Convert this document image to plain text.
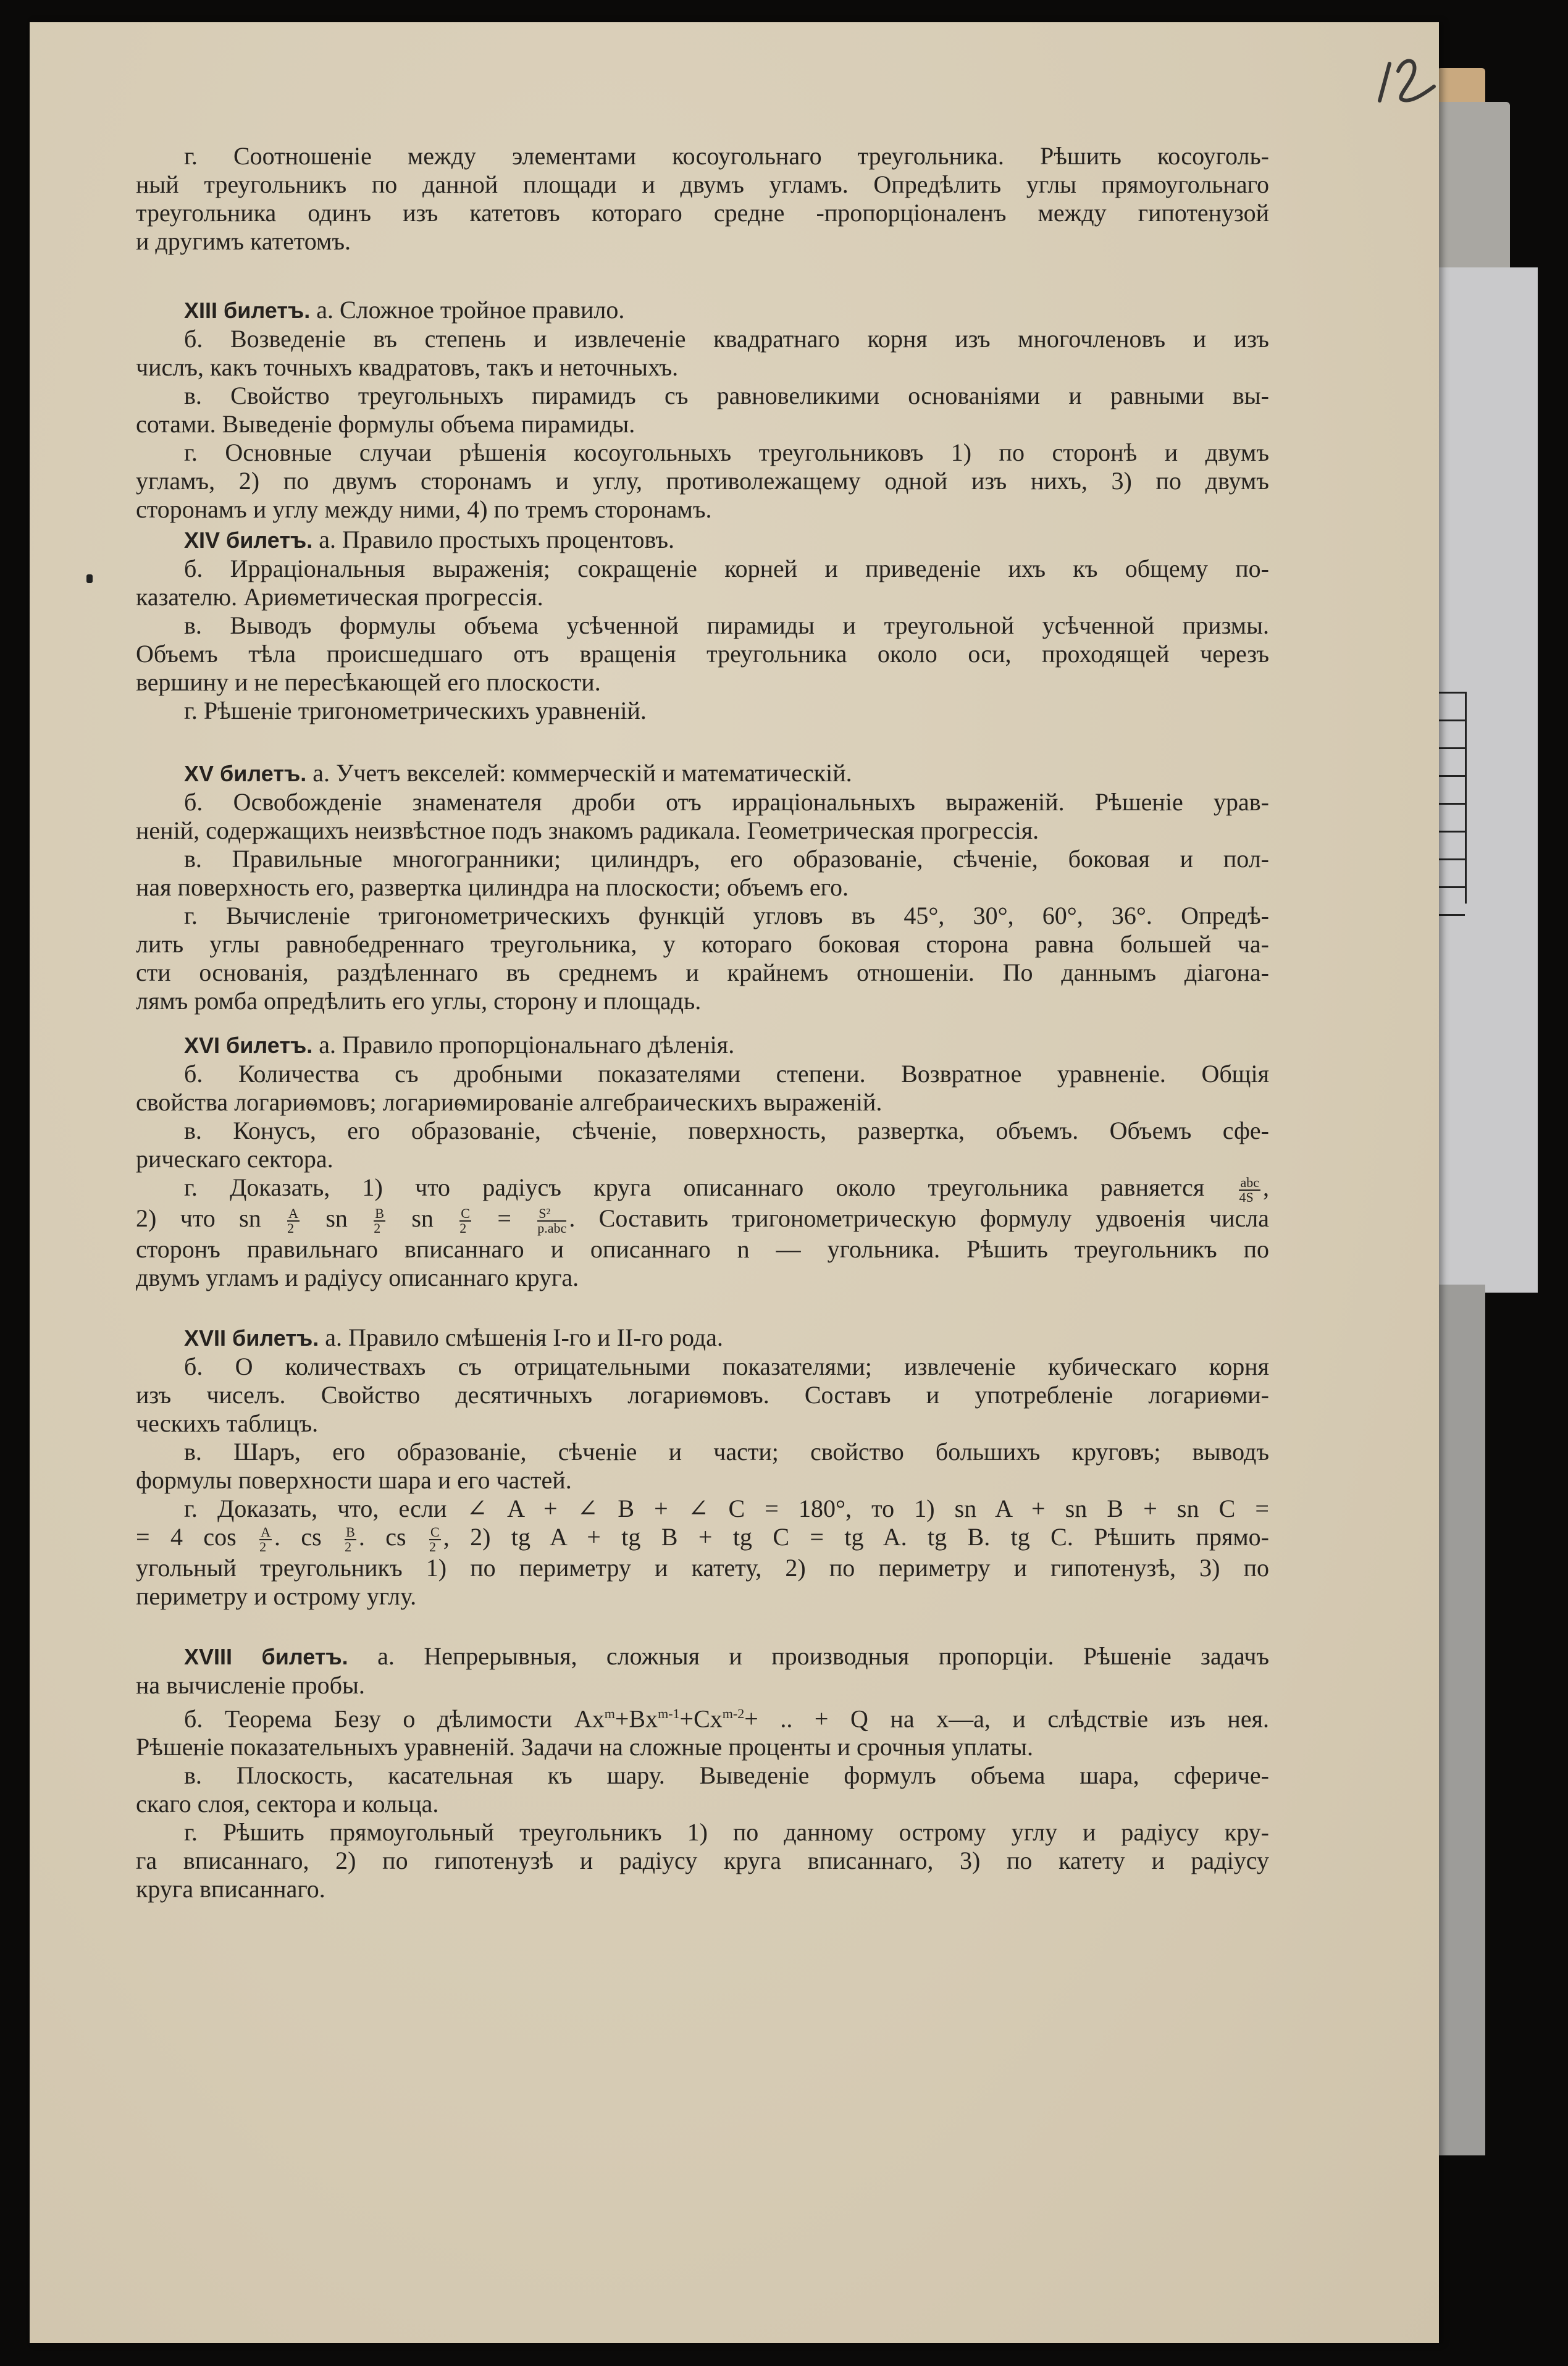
г. Соотношенiе между элементами косоугольнаго треугольника. Рѣшить косоуголь-
ный треугольникъ по данной площади и двумъ угламъ. Опредѣлить углы прямоугольнаго
треугольника одинъ изъ катетовъ котораго средне -пропорцiоналенъ между гипотенузой
и другимъ катетомъ.
XIII билетъ. а. Сложное тройное правило.
б. Возведенiе въ степень и извлеченiе квадратнаго корня изъ многочленовъ и изъ
числъ, какъ точныхъ квадратовъ, такъ и неточныхъ.
в. Свойство треугольныхъ пирамидъ съ равновеликими основанiями и равными вы-
сотами. Выведенiе формулы объема пирамиды.
г. Основные случаи рѣшенiя косоугольныхъ треугольниковъ 1) по сторонѣ и двумъ
угламъ, 2) по двумъ сторонамъ и углу, противолежащему одной изъ нихъ, 3) по двумъ
сторонамъ и углу между ними, 4) по тремъ сторонамъ.
XIV билетъ. а. Правило простыхъ процентовъ.
б. Иррацiональныя выраженiя; сокращенiе корней и приведенiе ихъ къ общему по-
казателю. Ариѳметическая прогрессiя.
в. Выводъ формулы объема усѣченной пирамиды и треугольной усѣченной призмы.
Объемъ тѣла происшедшаго отъ вращенiя треугольника около оси, проходящей черезъ
вершину и не пересѣкающей его плоскости.
г. Рѣшенiе тригонометрическихъ уравненiй.
XV билетъ. а. Учетъ векселей: коммерческiй и математическiй.
б. Освобожденiе знаменателя дроби отъ иррацiональныхъ выраженiй. Рѣшенiе урав-
ненiй, содержащихъ неизвѣстное подъ знакомъ радикала. Геометрическая прогрессiя.
в. Правильные многогранники; цилиндръ, его образованiе, сѣченiе, боковая и пол-
ная поверхность его, развертка цилиндра на плоскости; объемъ его.
г. Вычисленiе тригонометрическихъ функцiй угловъ въ 45°, 30°, 60°, 36°. Опредѣ-
лить углы равнобедреннаго треугольника, у котораго боковая сторона равна большей ча-
сти основанiя, раздѣленнаго въ среднемъ и крайнемъ отношенiи. По даннымъ дiагона-
лямъ ромба опредѣлить его углы, сторону и площадь.
XVI билетъ. а. Правило пропорцiональнаго дѣленiя.
б. Количества съ дробными показателями степени. Возвратное уравненiе. Общiя
свойства логариѳмовъ; логариѳмированiе алгебраическихъ выраженiй.
в. Конусъ, его образованiе, сѣченiе, поверхность, развертка, объемъ. Объемъ сфе-
рическаго сектора.
г. Доказать, 1) что радiусъ круга описаннаго около треугольника равняется $\frac{\text{abc}}{4S}$ ,
2) что sn $\frac{A}{2}$ sn $\frac{B}{2}$ sn $\frac{C}{2} = \frac{\text{S²}}{\text{p.abc}}$ . Составить тригонометрическую формулу удвоенiя числа
сторонъ правильнаго вписаннаго и описаннаго n — угольника. Рѣшить треугольникъ по
двумъ угламъ и радiусу описаннаго круга.
XVII билетъ. а. Правило смѣшенiя I-го и II-го рода.
б. О количествахъ съ отрицательными показателями; извлеченiе кубическаго корня
изъ чиселъ. Свойство десятичныхъ логариѳмовъ. Составъ и употребленiе логариѳми-
ческихъ таблицъ.
в. Шаръ, его образованiе, сѣченiе и части; свойство большихъ круговъ; выводъ
формулы поверхности шара и его частей.
г. Доказать, что, если ∠ A + ∠ B + ∠ C = 180°, то 1) sn A + sn B + sn C =
= 4 $\cos \frac{A}{2}$ . cs $\frac{B}{2}$ . cs $\frac{C}{2}$ , 2) tg A + tg B + tg C = tg A. tg B. tg C. Рѣшить прямо-
угольный треугольникъ 1) по периметру и катету, 2) по периметру и гипотенузѣ, 3) по
периметру и острому углу.
XVIII билетъ. а. Непрерывныя, сложныя и производныя пропорцiи. Рѣшенiе задачъ
на вычисленiе пробы.
б. Теорема Безу о дѣлимости $Ax^m+Bx^{m-1}+Cx^{m-2}+$ .. + Q на x—a, и слѣдствiе изъ нея.
Рѣшенiе показательныхъ уравненiй. Задачи на сложные проценты и срочныя уплаты.
в. Плоскость, касательная къ шару. Выведенiе формулъ объема шара, сфериче-
скаго слоя, сектора и кольца.
г. Рѣшить прямоугольный треугольникъ 1) по данному острому углу и радiусу кру-
га вписаннаго, 2) по гипотенузѣ и радiусу круга вписаннаго, 3) по катету и радiусу
круга вписаннаго.
